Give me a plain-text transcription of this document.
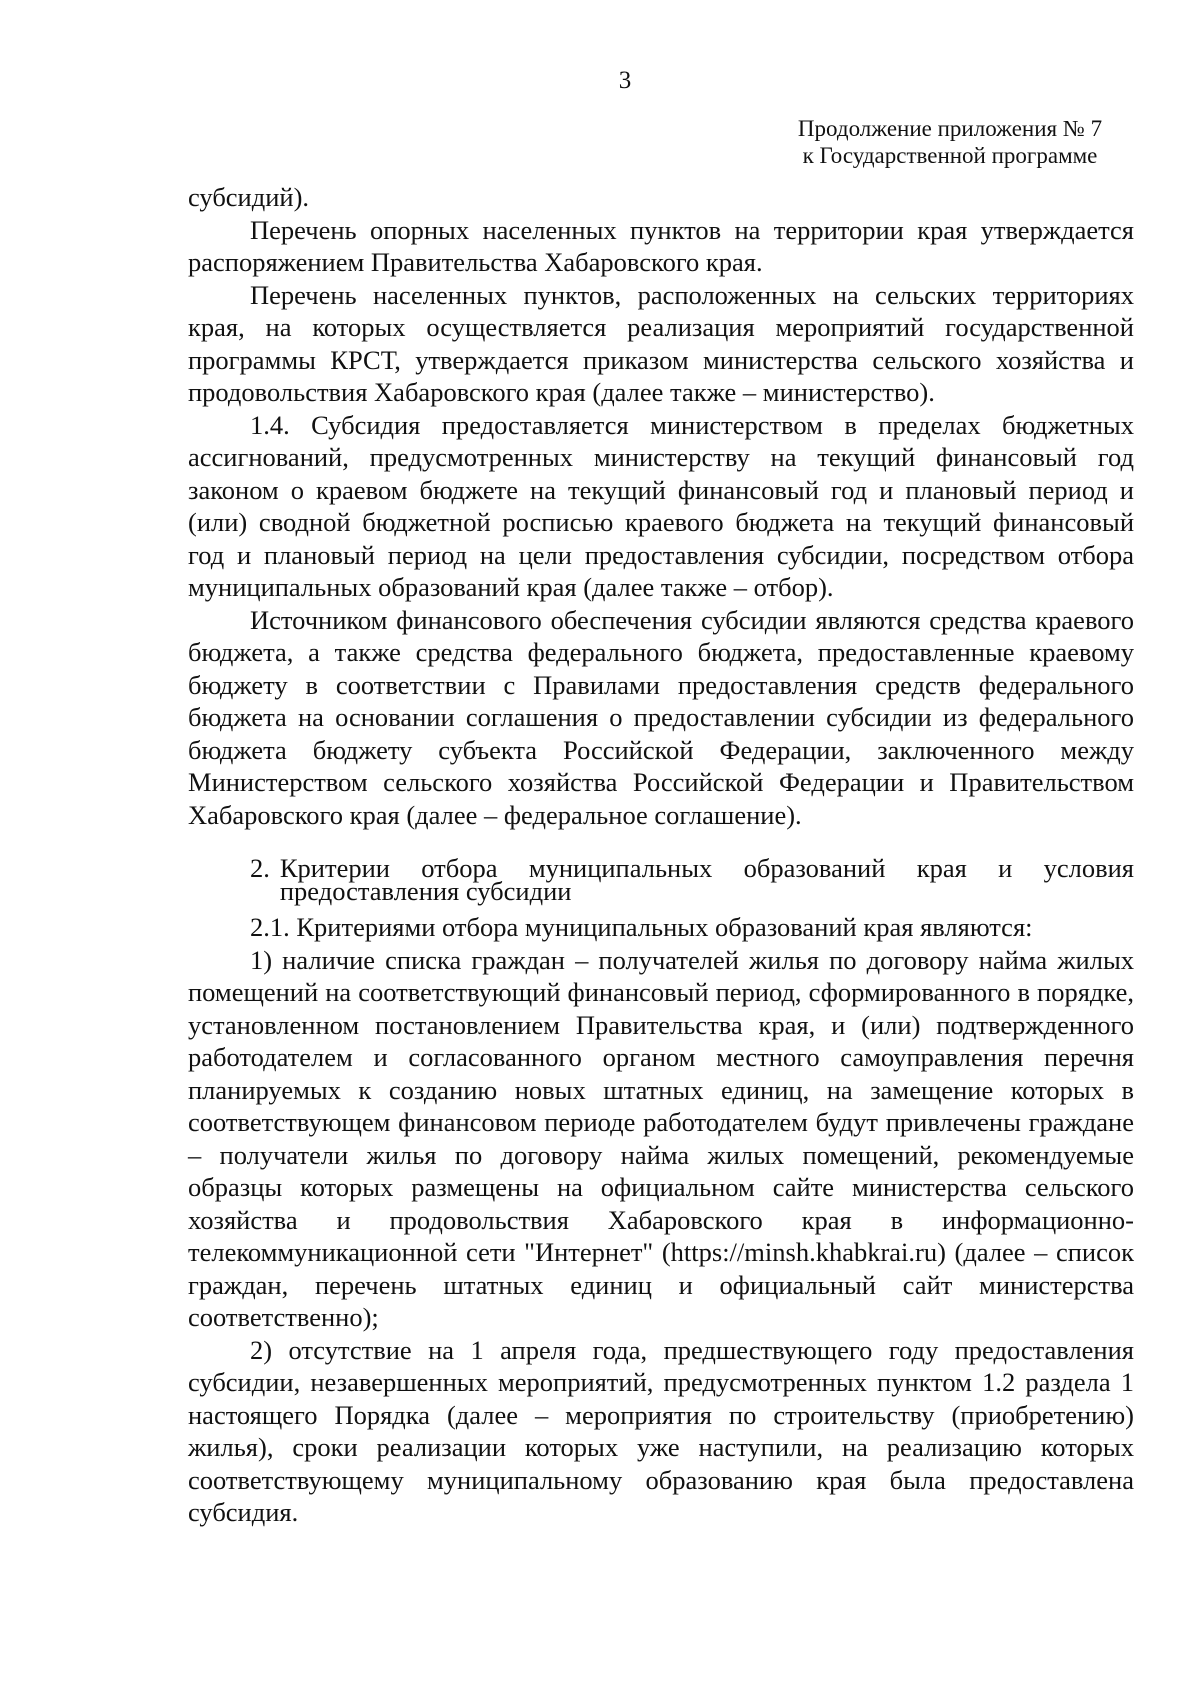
3
Продолжение приложения № 7
к Государственной программе

субсидий).

Перечень опорных населенных пунктов на территории края утверждается распоряжением Правительства Хабаровского края.

Перечень населенных пунктов, расположенных на сельских территориях края, на которых осуществляется реализация мероприятий государственной программы КРСТ, утверждается приказом министерства сельского хозяйства и продовольствия Хабаровского края (далее также – министерство).

1.4. Субсидия предоставляется министерством в пределах бюджетных ассигнований, предусмотренных министерству на текущий финансовый год законом о краевом бюджете на текущий финансовый год и плановый период и (или) сводной бюджетной росписью краевого бюджета на текущий финансовый год и плановый период на цели предоставления субсидии, посредством отбора муниципальных образований края (далее также – отбор).

Источником финансового обеспечения субсидии являются средства краевого бюджета, а также средства федерального бюджета, предоставленные краевому бюджету в соответствии с Правилами предоставления средств федерального бюджета на основании соглашения о предоставлении субсидии из федерального бюджета бюджету субъекта Российской Федерации, заключенного между Министерством сельского хозяйства Российской Федерации и Правительством Хабаровского края (далее – федеральное соглашение).

2. Критерии отбора муниципальных образований края и условия предоставления субсидии

2.1. Критериями отбора муниципальных образований края являются:

1) наличие списка граждан – получателей жилья по договору найма жилых помещений на соответствующий финансовый период, сформированного в порядке, установленном постановлением Правительства края, и (или) подтвержденного работодателем и согласованного органом местного самоуправления перечня планируемых к созданию новых штатных единиц, на замещение которых в соответствующем финансовом периоде работодателем будут привлечены граждане – получатели жилья по договору найма жилых помещений, рекомендуемые образцы которых размещены на официальном сайте министерства сельского хозяйства и продовольствия Хабаровского края в информационно-телекоммуникационной сети "Интернет" (https://minsh.khabkrai.ru) (далее – список граждан, перечень штатных единиц и официальный сайт министерства соответственно);

2) отсутствие на 1 апреля года, предшествующего году предоставления субсидии, незавершенных мероприятий, предусмотренных пунктом 1.2 раздела 1 настоящего Порядка (далее – мероприятия по строительству (приобретению) жилья), сроки реализации которых уже наступили, на реализацию которых соответствующему муниципальному образованию края была предоставлена субсидия.
